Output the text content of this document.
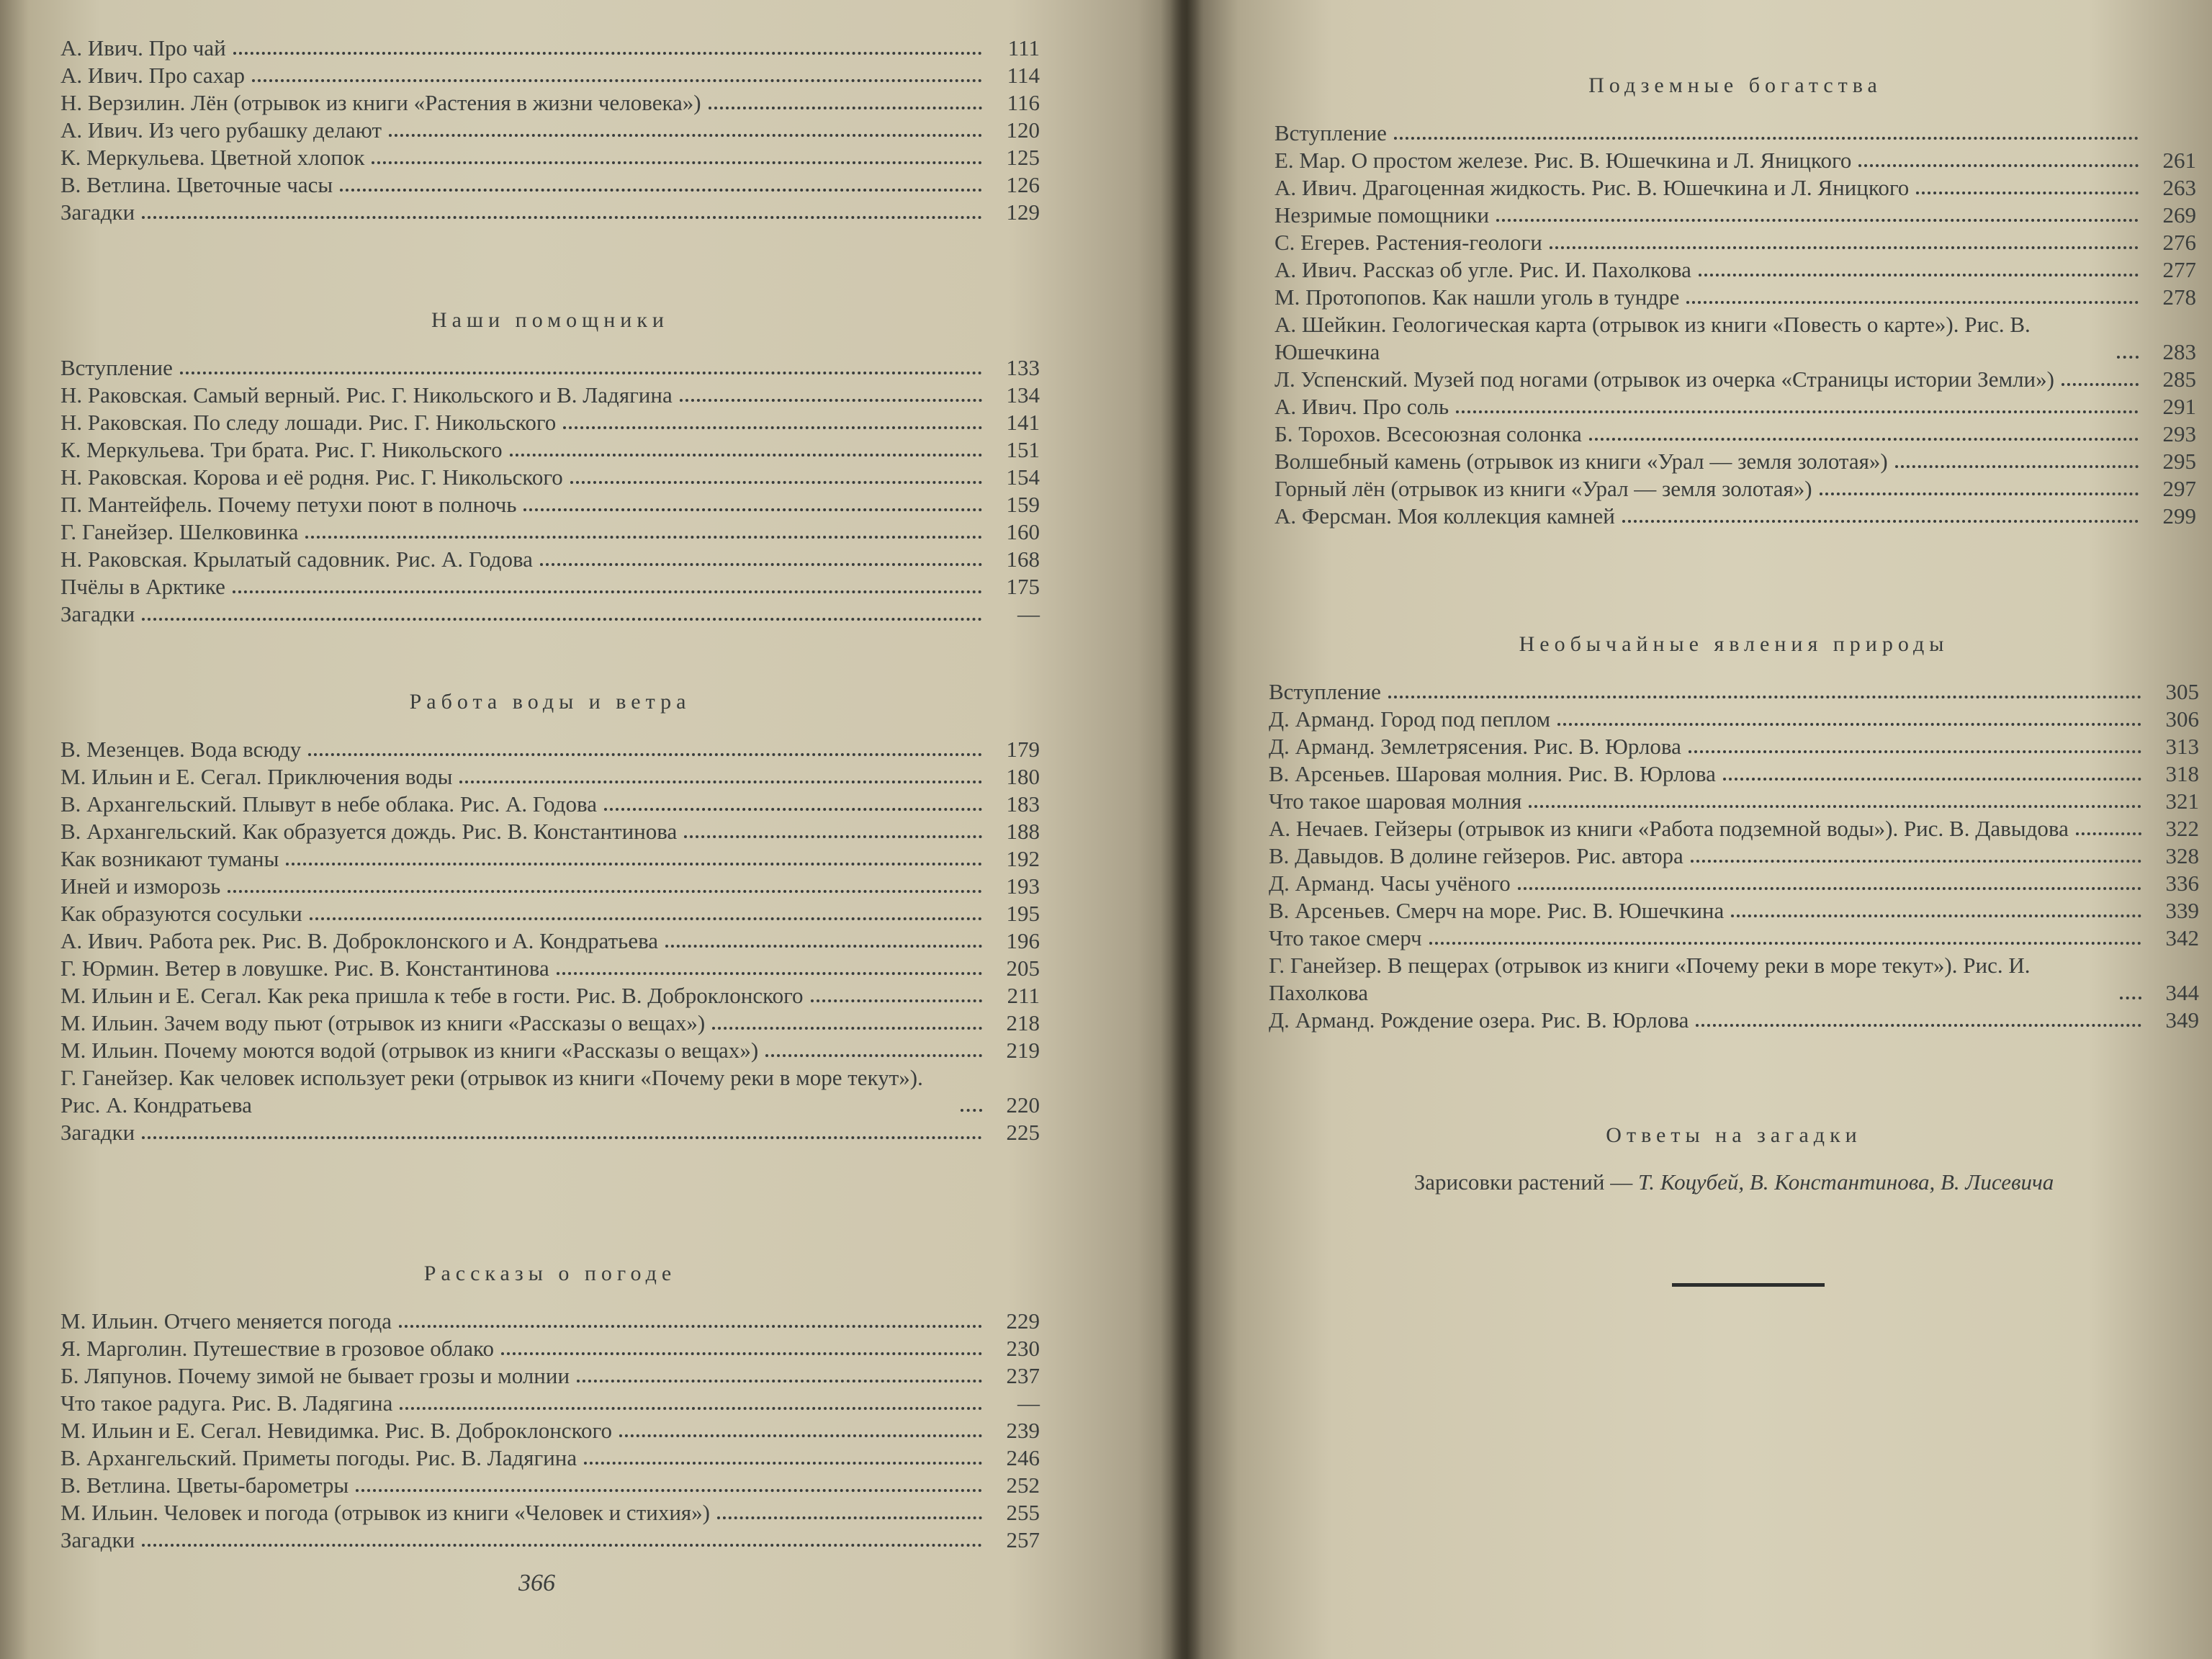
А. Ивич. Про чай	111
А. Ивич. Про сахар	114
Н. Верзилин. Лён (отрывок из книги «Растения в жизни человека»)	116
А. Ивич. Из чего рубашку делают	120
К. Меркульева. Цветной хлопок	125
В. Ветлина. Цветочные часы	126
Загадки	129
Наши помощники
Вступление	133
Н. Раковская. Самый верный. Рис. Г. Никольского и В. Ладягина	134
Н. Раковская. По следу лошади. Рис. Г. Никольского	141
К. Меркульева. Три брата. Рис. Г. Никольского	151
Н. Раковская. Корова и её родня. Рис. Г. Никольского	154
П. Мантейфель. Почему петухи поют в полночь	159
Г. Ганейзер. Шелковинка	160
Н. Раковская. Крылатый садовник. Рис. А. Годова	168
Пчёлы в Арктике	175
Загадки	—
Работа воды и ветра
В. Мезенцев. Вода всюду	179
М. Ильин и Е. Сегал. Приключения воды	180
В. Архангельский. Плывут в небе облака. Рис. А. Годова	183
В. Архангельский. Как образуется дождь. Рис. В. Константинова	188
Как возникают туманы	192
Иней и изморозь	193
Как образуются сосульки	195
А. Ивич. Работа рек. Рис. В. Доброклонского и А. Кондратьева	196
Г. Юрмин. Ветер в ловушке. Рис. В. Константинова	205
М. Ильин и Е. Сегал. Как река пришла к тебе в гости. Рис. В. Доброклонского	211
М. Ильин. Зачем воду пьют (отрывок из книги «Рассказы о вещах»)	218
М. Ильин. Почему моются водой (отрывок из книги «Рассказы о вещах»)	219
Г. Ганейзер. Как человек использует реки (отрывок из книги «Почему реки в море текут»). Рис. А. Кондратьева	220
Загадки	225
Рассказы о погоде
М. Ильин. Отчего меняется погода	229
Я. Марголин. Путешествие в грозовое облако	230
Б. Ляпунов. Почему зимой не бывает грозы и молнии	237
Что такое радуга. Рис. В. Ладягина	—
М. Ильин и Е. Сегал. Невидимка. Рис. В. Доброклонского	239
В. Архангельский. Приметы погоды. Рис. В. Ладягина	246
В. Ветлина. Цветы-барометры	252
М. Ильин. Человек и погода (отрывок из книги «Человек и стихия»)	255
Загадки	257
366
Подземные богатства
Вступление
Е. Мар. О простом железе. Рис. В. Юшечкина и Л. Яницкого	261
А. Ивич. Драгоценная жидкость. Рис. В. Юшечкина и Л. Яницкого	263
Незримые помощники	269
С. Егерев. Растения-геологи	276
А. Ивич. Рассказ об угле. Рис. И. Пахолкова	277
М. Протопопов. Как нашли уголь в тундре	278
А. Шейкин. Геологическая карта (отрывок из книги «Повесть о карте»). Рис. В. Юшечкина	283
Л. Успенский. Музей под ногами (отрывок из очерка «Страницы истории Земли»)	285
А. Ивич. Про соль	291
Б. Торохов. Всесоюзная солонка	293
Волшебный камень (отрывок из книги «Урал — земля золотая»)	295
Горный лён (отрывок из книги «Урал — земля золотая»)	297
А. Ферсман. Моя коллекция камней	299
Необычайные явления природы
Вступление	305
Д. Арманд. Город под пеплом	306
Д. Арманд. Землетрясения. Рис. В. Юрлова	313
В. Арсеньев. Шаровая молния. Рис. В. Юрлова	318
Что такое шаровая молния	321
А. Нечаев. Гейзеры (отрывок из книги «Работа подземной воды»). Рис. В. Давыдова	322
В. Давыдов. В долине гейзеров. Рис. автора	328
Д. Арманд. Часы учёного	336
В. Арсеньев. Смерч на море. Рис. В. Юшечкина	339
Что такое смерч	342
Г. Ганейзер. В пещерах (отрывок из книги «Почему реки в море текут»). Рис. И. Пахолкова	344
Д. Арманд. Рождение озера. Рис. В. Юрлова	349
Ответы на загадки
Зарисовки растений — Т. Коцубей, В. Константинова, В. Лисевича
